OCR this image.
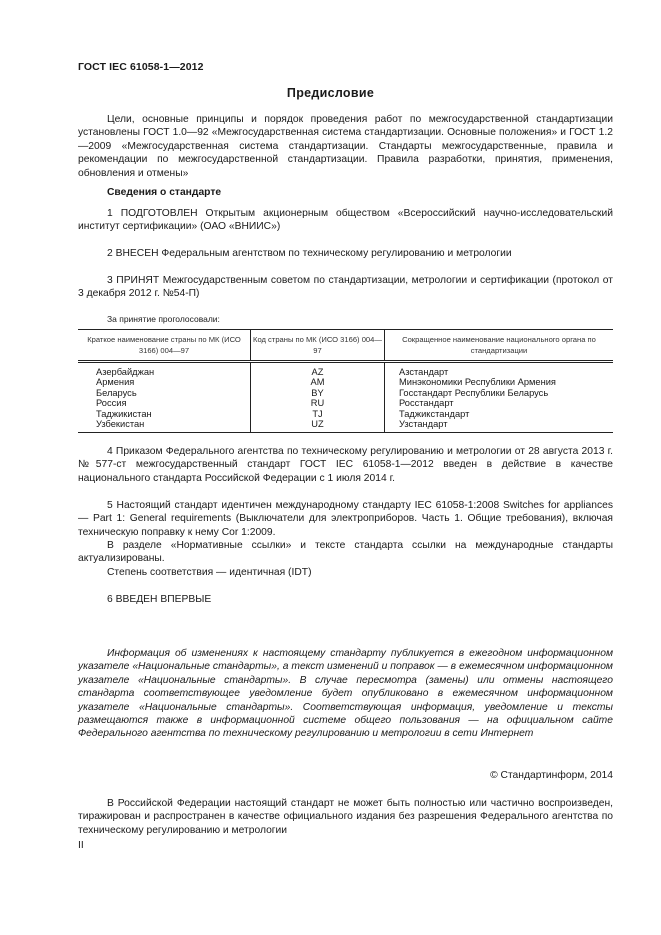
ГОСТ IEC 61058-1—2012
Предисловие
Цели, основные принципы и порядок проведения работ по межгосударственной стандартизации установлены ГОСТ 1.0—92 «Межгосударственная система стандартизации. Основные положения» и ГОСТ 1.2—2009 «Межгосударственная система стандартизации. Стандарты межгосударственные, правила и рекомендации по межгосударственной стандартизации. Правила разработки, принятия, применения, обновления и отмены»
Сведения о стандарте
1 ПОДГОТОВЛЕН Открытым акционерным обществом «Всероссийский научно-исследовательский институт сертификации» (ОАО «ВНИИС»)
2 ВНЕСЕН Федеральным агентством по техническому регулированию и метрологии
3 ПРИНЯТ Межгосударственным советом по стандартизации, метрологии и сертификации (протокол от 3 декабря 2012 г. №54-П)
За принятие проголосовали:
Краткое наименование страны по МК (ИСО 3166) 004—97	Код страны по МК (ИСО 3166) 004—97	Сокращенное наименование национального органа по стандартизации
Азербайджан	AZ	Азстандарт
Армения	AM	Минэкономики Республики Армения
Беларусь	BY	Госстандарт Республики Беларусь
Россия	RU	Росстандарт
Таджикистан	TJ	Таджикстандарт
Узбекистан	UZ	Узстандарт
4 Приказом Федерального агентства по техническому регулированию и метрологии от 28 августа 2013 г. №577-ст межгосударственный стандарт ГОСТ IEC 61058-1—2012 введен в действие в качестве национального стандарта Российской Федерации с 1 июля 2014 г.
5 Настоящий стандарт идентичен международному стандарту IEC 61058-1:2008 Switches for appliances — Part 1: General requirements (Выключатели для электроприборов. Часть 1. Общие требования), включая техническую поправку к нему Cor 1:2009.
В разделе «Нормативные ссылки» и тексте стандарта ссылки на международные стандарты актуализированы.
Степень соответствия — идентичная (IDT)
6 ВВЕДЕН ВПЕРВЫЕ
Информация об изменениях к настоящему стандарту публикуется в ежегодном информационном указателе «Национальные стандарты», а текст изменений и поправок — в ежемесячном информационном указателе «Национальные стандарты». В случае пересмотра (замены) или отмены настоящего стандарта соответствующее уведомление будет опубликовано в ежемесячном информационном указателе «Национальные стандарты». Соответствующая информация, уведомление и тексты размещаются также в информационной системе общего пользования — на официальном сайте Федерального агентства по техническому регулированию и метрологии в сети Интернет
© Стандартинформ, 2014
В Российской Федерации настоящий стандарт не может быть полностью или частично воспроизведен, тиражирован и распространен в качестве официального издания без разрешения Федерального агентства по техническому регулированию и метрологии
II
